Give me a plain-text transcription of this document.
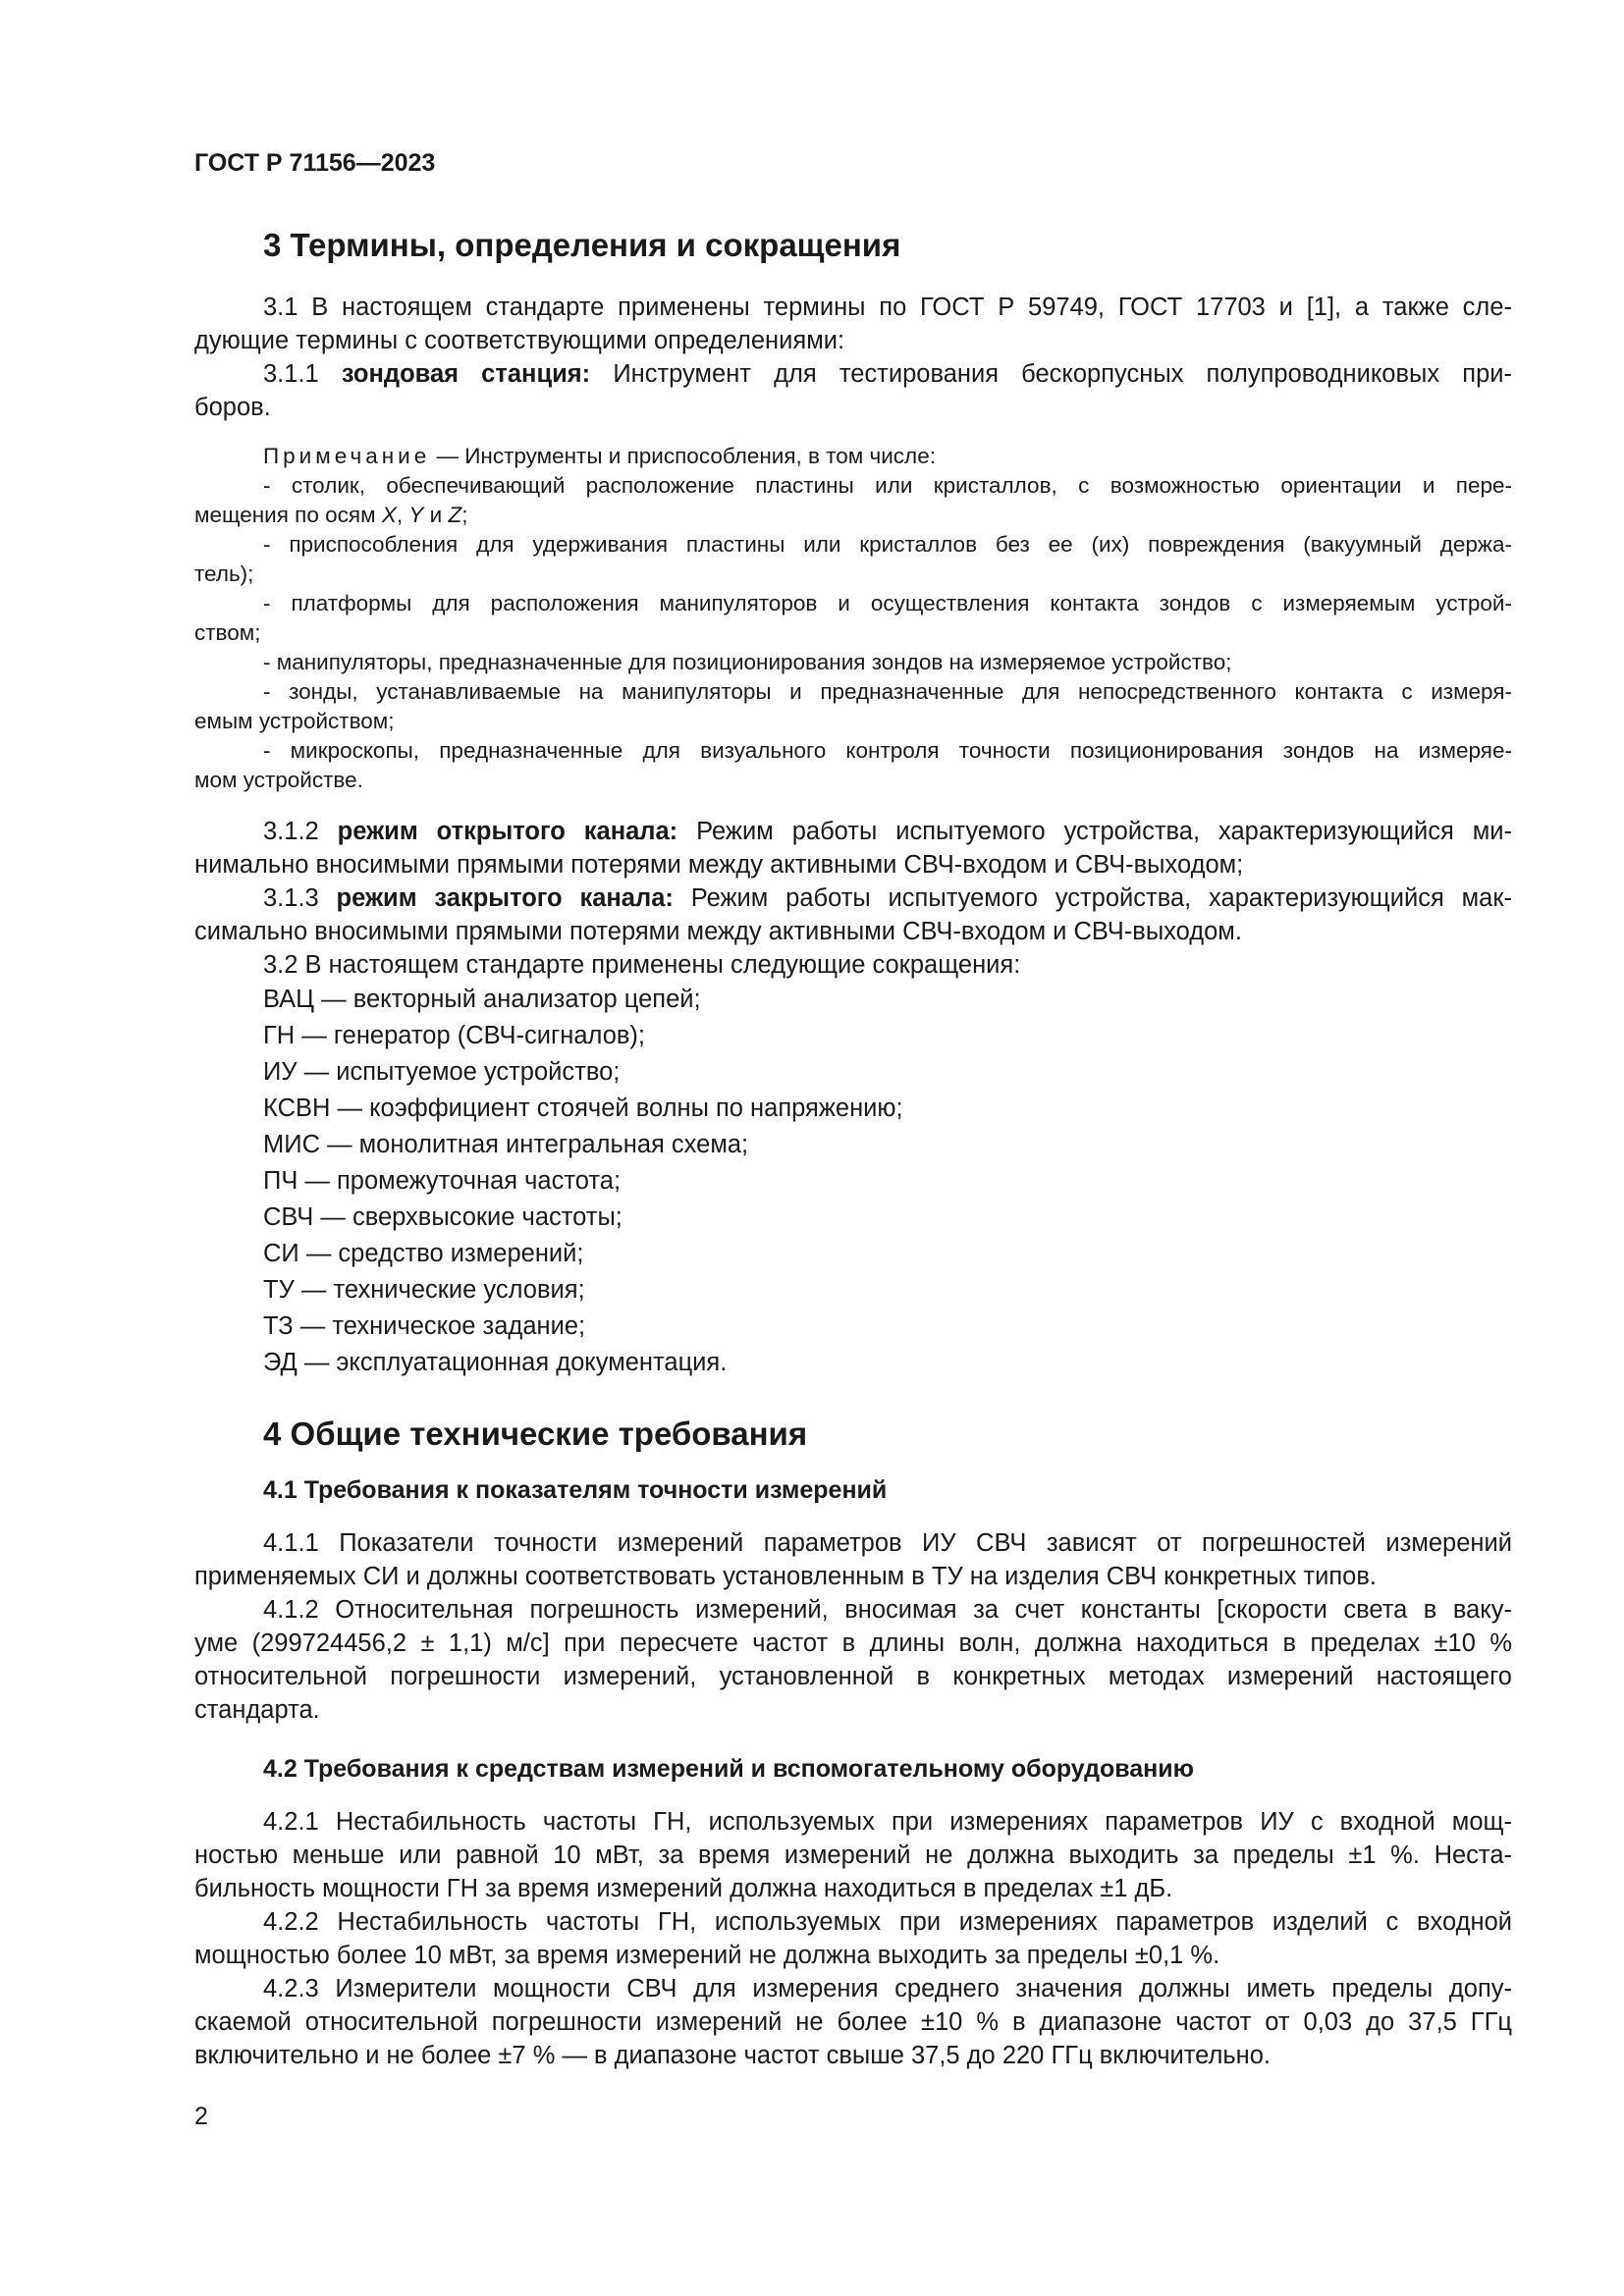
ГОСТ Р 71156—2023
3 Термины, определения и сокращения

3.1 В настоящем стандарте применены термины по ГОСТ Р 59749, ГОСТ 17703 и [1], а также сле-

дующие термины с соответствующими определениями:

3.1.1 зондовая станция: Инструмент для тестирования бескорпусных полупроводниковых при-

боров.

Примечание — Инструменты и приспособления, в том числе:

- столик, обеспечивающий расположение пластины или кристаллов, с возможностью ориентации и пере-

мещения по осям X, Y и Z;

- приспособления для удерживания пластины или кристаллов без ее (их) повреждения (вакуумный держа-

тель);

- платформы для расположения манипуляторов и осуществления контакта зондов с измеряемым устрой-

ством;

- манипуляторы, предназначенные для позиционирования зондов на измеряемое устройство;

- зонды, устанавливаемые на манипуляторы и предназначенные для непосредственного контакта с измеря-

емым устройством;

- микроскопы, предназначенные для визуального контроля точности позиционирования зондов на измеряе-

мом устройстве.

3.1.2 режим открытого канала: Режим работы испытуемого устройства, характеризующийся ми-

нимально вносимыми прямыми потерями между активными СВЧ-входом и СВЧ-выходом;

3.1.3 режим закрытого канала: Режим работы испытуемого устройства, характеризующийся мак-

симально вносимыми прямыми потерями между активными СВЧ-входом и СВЧ-выходом.

3.2 В настоящем стандарте применены следующие сокращения:

ВАЦ — векторный анализатор цепей;
ГН — генератор (СВЧ-сигналов);
ИУ — испытуемое устройство;
КСВН — коэффициент стоячей волны по напряжению;
МИС — монолитная интегральная схема;
ПЧ — промежуточная частота;
СВЧ — сверхвысокие частоты;
СИ — средство измерений;
ТУ — технические условия;
ТЗ — техническое задание;
ЭД — эксплуатационная документация.
4 Общие технические требования
4.1 Требования к показателям точности измерений

4.1.1 Показатели точности измерений параметров ИУ СВЧ зависят от погрешностей измерений

применяемых СИ и должны соответствовать установленным в ТУ на изделия СВЧ конкретных типов.

4.1.2 Относительная погрешность измерений, вносимая за счет константы [скорости света в ваку-

уме (299724456,2 ± 1,1) м/с] при пересчете частот в длины волн, должна находиться в пределах ±10 %

относительной погрешности измерений, установленной в конкретных методах измерений настоящего

стандарта.

4.2 Требования к средствам измерений и вспомогательному оборудованию

4.2.1 Нестабильность частоты ГН, используемых при измерениях параметров ИУ с входной мощ-

ностью меньше или равной 10 мВт, за время измерений не должна выходить за пределы ±1 %. Неста-

бильность мощности ГН за время измерений должна находиться в пределах ±1 дБ.

4.2.2 Нестабильность частоты ГН, используемых при измерениях параметров изделий с входной

мощностью более 10 мВт, за время измерений не должна выходить за пределы ±0,1 %.

4.2.3 Измерители мощности СВЧ для измерения среднего значения должны иметь пределы допу-

скаемой относительной погрешности измерений не более ±10 % в диапазоне частот от 0,03 до 37,5 ГГц

включительно и не более ±7 % — в диапазоне частот свыше 37,5 до 220 ГГц включительно.

2
